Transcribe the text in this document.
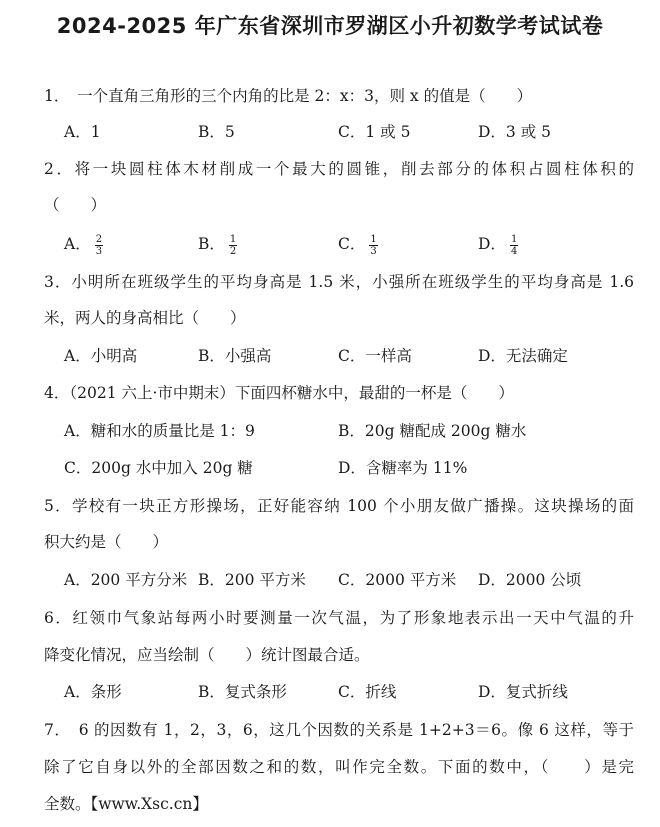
2024-2025 年广东省深圳市罗湖区小升初数学考试试卷
1．　一个直角三角形的三个内角的比是 2：x：3，则 x 的值是（　　）
A．1	B．5	C．1 或 5	D．3 或 5
2．将一块圆柱体木材削成一个最大的圆锥，削去部分的体积占圆柱体积的
（　　）
A． $\frac{2}{3}$	B． $\frac{1}{2}$	C． $\frac{1}{3}$	D． $\frac{1}{4}$
3．小明所在班级学生的平均身高是 1.5 米，小强所在班级学生的平均身高是 1.6
米，两人的身高相比（　　）
A．小明高	B．小强高	C．一样高	D．无法确定
4．（2021 六上·市中期末）下面四杯糖水中，最甜的一杯是（　　）
A．糖和水的质量比是 1：9	B．20g 糖配成 200g 糖水
C．200g 水中加入 20g 糖	D．含糖率为 11%
5．学校有一块正方形操场，正好能容纳 100 个小朋友做广播操。这块操场的面
积大约是（　　）
A．200 平方分米 B．200 平方米 C．2000 平方米 D．2000 公顷
6．红领巾气象站每两小时要测量一次气温，为了形象地表示出一天中气温的升
降变化情况，应当绘制（　　）统计图最合适。
A．条形	B．复式条形	C．折线	D．复式折线
7．　6 的因数有 1，2，3，6，这几个因数的关系是 1+2+3＝6。像 6 这样，等于
除了它自身以外的全部因数之和的数，叫作完全数。下面的数中，（　　）是完
全数。【www.Xsc.cn】
